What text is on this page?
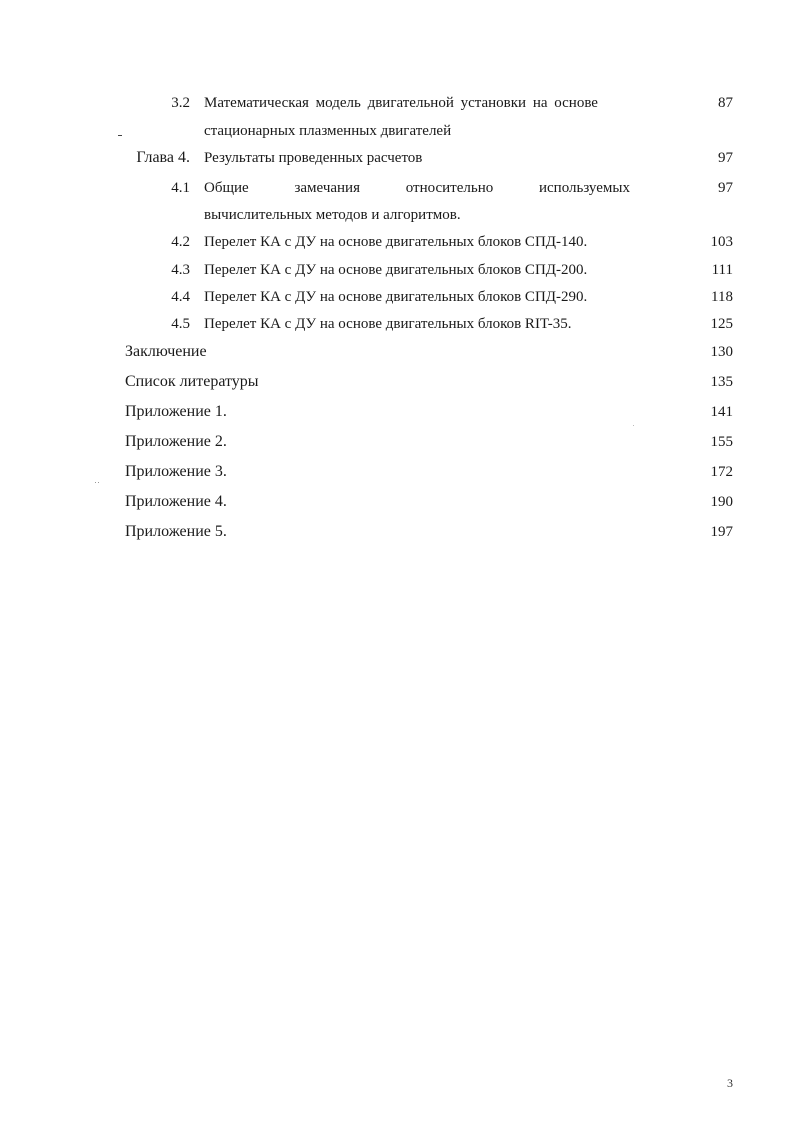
3.2 Математическая модель двигательной установки на основе	87
стационарных плазменных двигателей
Глава 4. Результаты проведенных расчетов	97
4.1 Общие	замечания	относительно	используемых	97
вычислительных методов и алгоритмов.
4.2 Перелет КА с ДУ на основе двигательных блоков СПД-140.	103
4.3 Перелет КА с ДУ на основе двигательных блоков СПД-200.	111
4.4 Перелет КА с ДУ на основе двигательных блоков СПД-290.	118
4.5 Перелет КА с ДУ на основе двигательных блоков RIT-35.	125
Заключение	130
Список литературы	135
Приложение 1.	141
Приложение 2.	155
Приложение 3.	172
Приложение 4.	190
Приложение 5.	197
3
